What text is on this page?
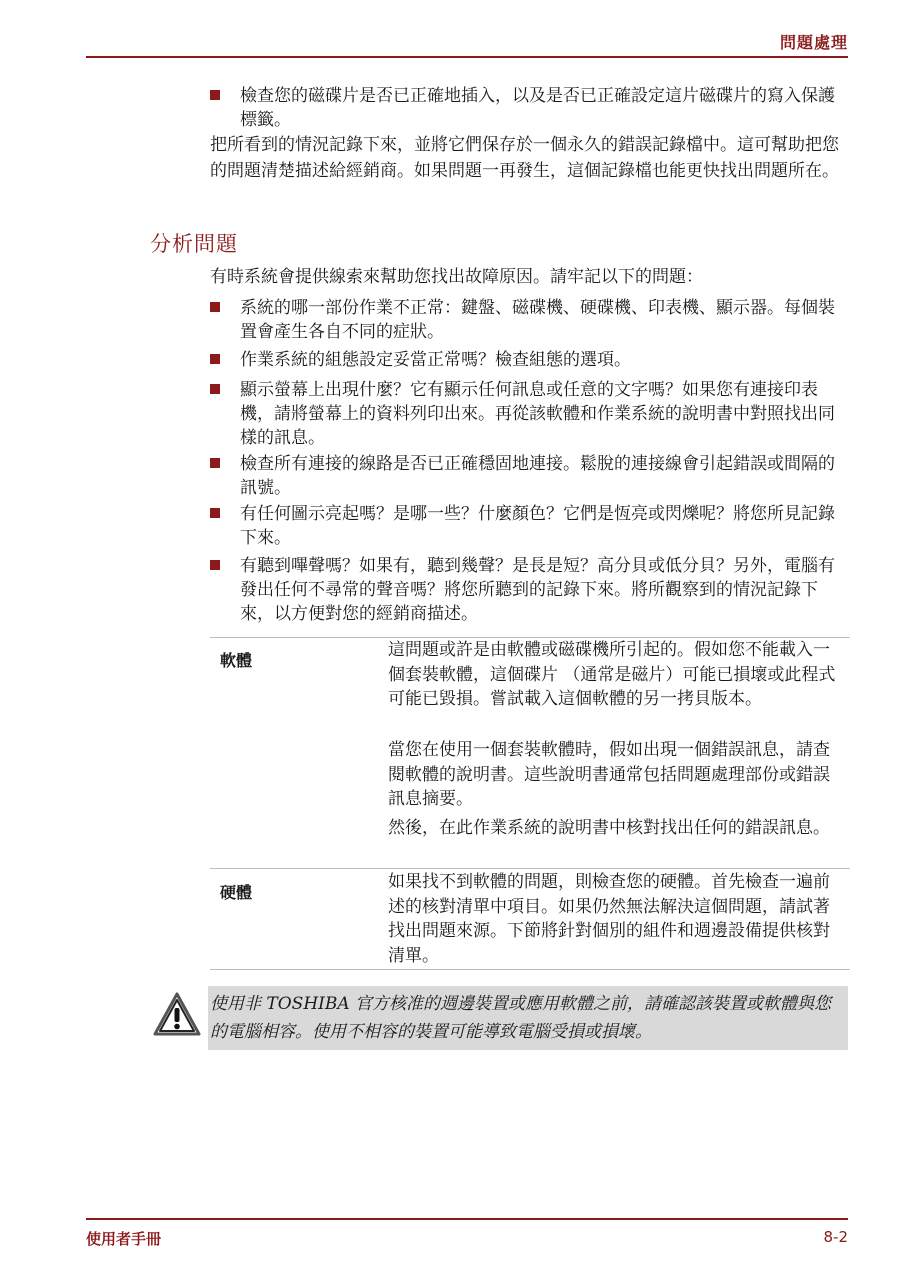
問題處理
檢查您的磁碟片是否已正確地插入，以及是否已正確設定這片磁碟片的寫入保護標籤。
把所看到的情況記錄下來，並將它們保存於一個永久的錯誤記錄檔中。這可幫助把您的問題清楚描述給經銷商。如果問題一再發生，這個記錄檔也能更快找出問題所在。
分析問題
有時系統會提供線索來幫助您找出故障原因。請牢記以下的問題：
系統的哪一部份作業不正常：鍵盤、磁碟機、硬碟機、印表機、顯示器。每個裝置會產生各自不同的症狀。
作業系統的組態設定妥當正常嗎？檢查組態的選項。
顯示螢幕上出現什麼？它有顯示任何訊息或任意的文字嗎？如果您有連接印表機，請將螢幕上的資料列印出來。再從該軟體和作業系統的說明書中對照找出同樣的訊息。
檢查所有連接的線路是否已正確穩固地連接。鬆脫的連接線會引起錯誤或間隔的訊號。
有任何圖示亮起嗎？是哪一些？什麼顏色？它們是恆亮或閃爍呢？將您所見記錄下來。
有聽到嗶聲嗎？如果有，聽到幾聲？是長是短？高分貝或低分貝？另外，電腦有發出任何不尋常的聲音嗎？將您所聽到的記錄下來。將所觀察到的情況記錄下來，以方便對您的經銷商描述。
軟體
這問題或許是由軟體或磁碟機所引起的。假如您不能載入一個套裝軟體，這個碟片 （通常是磁片）可能已損壞或此程式可能已毀損。嘗試載入這個軟體的另一拷貝版本。
當您在使用一個套裝軟體時，假如出現一個錯誤訊息，請查閱軟體的說明書。這些說明書通常包括問題處理部份或錯誤訊息摘要。
然後，在此作業系統的說明書中核對找出任何的錯誤訊息。
硬體
如果找不到軟體的問題，則檢查您的硬體。首先檢查一遍前述的核對清單中項目。如果仍然無法解決這個問題，請試著找出問題來源。下節將針對個別的組件和週邊設備提供核對清單。
使用非 TOSHIBA 官方核准的週邊裝置或應用軟體之前，請確認該裝置或軟體與您的電腦相容。使用不相容的裝置可能導致電腦受損或損壞。
使用者手冊	8-2
